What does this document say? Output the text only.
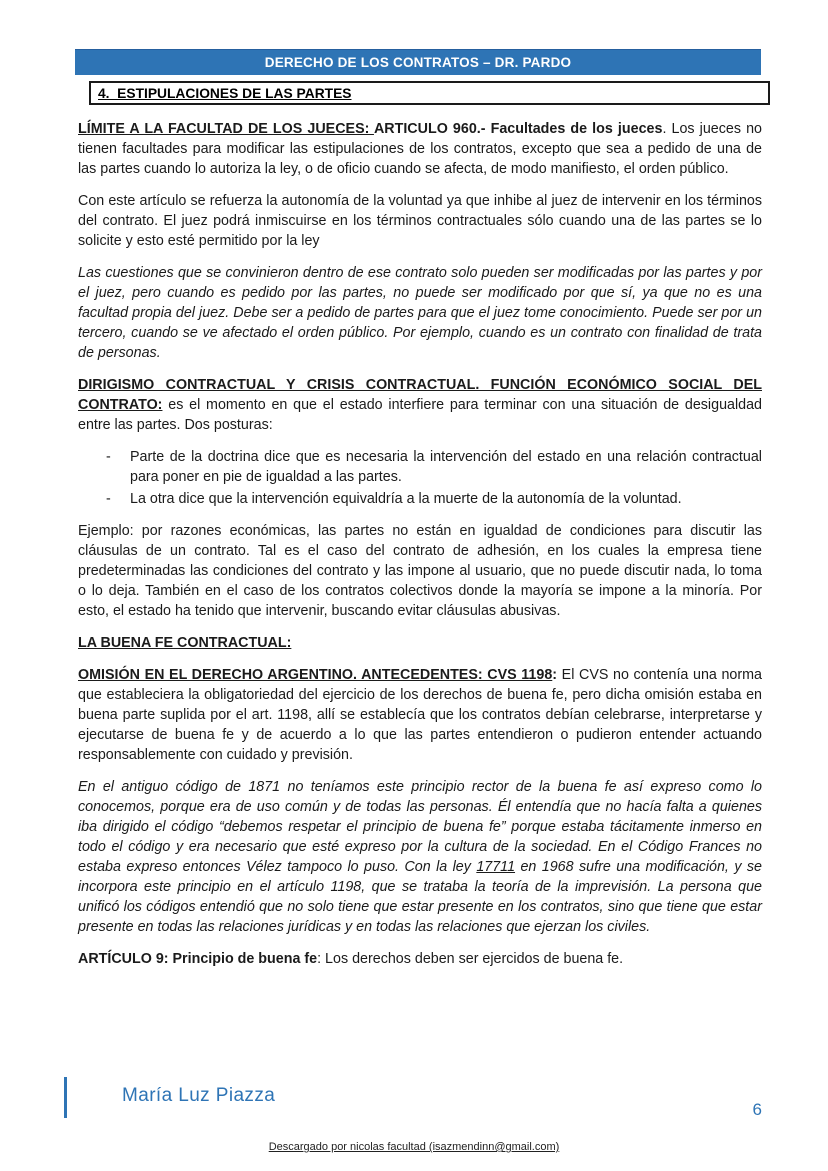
DERECHO DE LOS CONTRATOS – DR. PARDO
4.  ESTIPULACIONES DE LAS PARTES

LÍMITE A LA FACULTAD DE LOS JUECES: ARTICULO 960.- Facultades de los jueces. Los jueces no tienen facultades para modificar las estipulaciones de los contratos, excepto que sea a pedido de una de las partes cuando lo autoriza la ley, o de oficio cuando se afecta, de modo manifiesto, el orden público.

Con este artículo se refuerza la autonomía de la voluntad ya que inhibe al juez de intervenir en los términos del contrato. El juez podrá inmiscuirse en los términos contractuales sólo cuando una de las partes se lo solicite y esto esté permitido por la ley

Las cuestiones que se convinieron dentro de ese contrato solo pueden ser modificadas por las partes y por el juez, pero cuando es pedido por las partes, no puede ser modificado por que sí, ya que no es una facultad propia del juez. Debe ser a pedido de partes para que el juez tome conocimiento. Puede ser por un tercero, cuando se ve afectado el orden público. Por ejemplo, cuando es un contrato con finalidad de trata de personas.

DIRIGISMO CONTRACTUAL Y CRISIS CONTRACTUAL. FUNCIÓN ECONÓMICO SOCIAL DEL CONTRATO: es el momento en que el estado interfiere para terminar con una situación de desigualdad entre las partes. Dos posturas:

-	Parte de la doctrina dice que es necesaria la intervención del estado en una relación contractual para poner en pie de igualdad a las partes.
-	La otra dice que la intervención equivaldría a la muerte de la autonomía de la voluntad.

Ejemplo: por razones económicas, las partes no están en igualdad de condiciones para discutir las cláusulas de un contrato. Tal es el caso del contrato de adhesión, en los cuales la empresa tiene predeterminadas las condiciones del contrato y las impone al usuario, que no puede discutir nada, lo toma o lo deja. También en el caso de los contratos colectivos donde la mayoría se impone a la minoría. Por esto, el estado ha tenido que intervenir, buscando evitar cláusulas abusivas.

LA BUENA FE CONTRACTUAL:

OMISIÓN EN EL DERECHO ARGENTINO. ANTECEDENTES: CVS 1198: El CVS no contenía una norma que estableciera la obligatoriedad del ejercicio de los derechos de buena fe, pero dicha omisión estaba en buena parte suplida por el art. 1198, allí se establecía que los contratos debían celebrarse, interpretarse y ejecutarse de buena fe y de acuerdo a lo que las partes entendieron o pudieron entender actuando responsablemente con cuidado y previsión.

En el antiguo código de 1871 no teníamos este principio rector de la buena fe así expreso como lo conocemos, porque era de uso común y de todas las personas. Él entendía que no hacía falta a quienes iba dirigido el código “debemos respetar el principio de buena fe” porque estaba tácitamente inmerso en todo el código y era necesario que esté expreso por la cultura de la sociedad. En el Código Frances no estaba expreso entonces Vélez tampoco lo puso. Con la ley 17711 en 1968 sufre una modificación, y se incorpora este principio en el artículo 1198, que se trataba la teoría de la imprevisión. La persona que unificó los códigos entendió que no solo tiene que estar presente en los contratos, sino que tiene que estar presente en todas las relaciones jurídicas y en todas las relaciones que ejerzan los civiles.

ARTÍCULO 9: Principio de buena fe: Los derechos deben ser ejercidos de buena fe.

María Luz Piazza
6
Descargado por nicolas facultad (isazmendinn@gmail.com)
